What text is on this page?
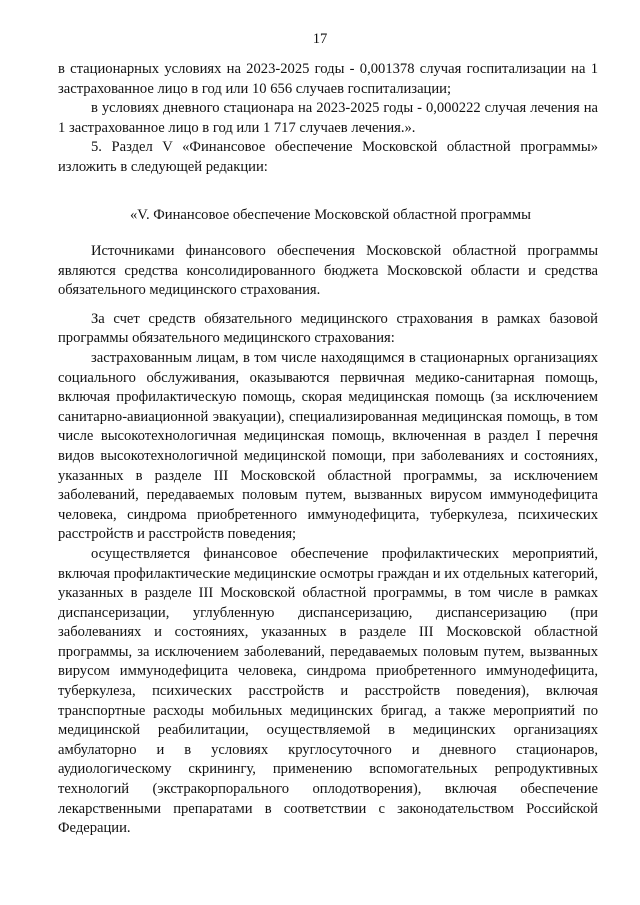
17

в стационарных условиях на 2023-2025 годы - 0,001378 случая госпитализации на 1 застрахованное лицо в год или 10 656 случаев госпитализации;

в условиях дневного стационара на 2023-2025 годы - 0,000222 случая лечения на 1 застрахованное лицо в год или 1 717 случаев лечения.».

5. Раздел V «Финансовое обеспечение Московской областной программы» изложить в следующей редакции:

«V. Финансовое обеспечение Московской областной программы

Источниками финансового обеспечения Московской областной программы являются средства консолидированного бюджета Московской области и средства обязательного медицинского страхования.

За счет средств обязательного медицинского страхования в рамках базовой программы обязательного медицинского страхования:

застрахованным лицам, в том числе находящимся в стационарных организациях социального обслуживания, оказываются первичная медико-санитарная помощь, включая профилактическую помощь, скорая медицинская помощь (за исключением санитарно-авиационной эвакуации), специализированная медицинская помощь, в том числе высокотехнологичная медицинская помощь, включенная в раздел I перечня видов высокотехнологичной медицинской помощи, при заболеваниях и состояниях, указанных в разделе III Московской областной программы, за исключением заболеваний, передаваемых половым путем, вызванных вирусом иммунодефицита человека, синдрома приобретенного иммунодефицита, туберкулеза, психических расстройств и расстройств поведения;

осуществляется финансовое обеспечение профилактических мероприятий, включая профилактические медицинские осмотры граждан и их отдельных категорий, указанных в разделе III Московской областной программы, в том числе в рамках диспансеризации, углубленную диспансеризацию, диспансеризацию (при заболеваниях и состояниях, указанных в разделе III Московской областной программы, за исключением заболеваний, передаваемых половым путем, вызванных вирусом иммунодефицита человека, синдрома приобретенного иммунодефицита, туберкулеза, психических расстройств и расстройств поведения), включая транспортные расходы мобильных медицинских бригад, а также мероприятий по медицинской реабилитации, осуществляемой в медицинских организациях амбулаторно и в условиях круглосуточного и дневного стационаров, аудиологическому скринингу, применению вспомогательных репродуктивных технологий (экстракорпорального оплодотворения), включая обеспечение лекарственными препаратами в соответствии с законодательством Российской Федерации.
